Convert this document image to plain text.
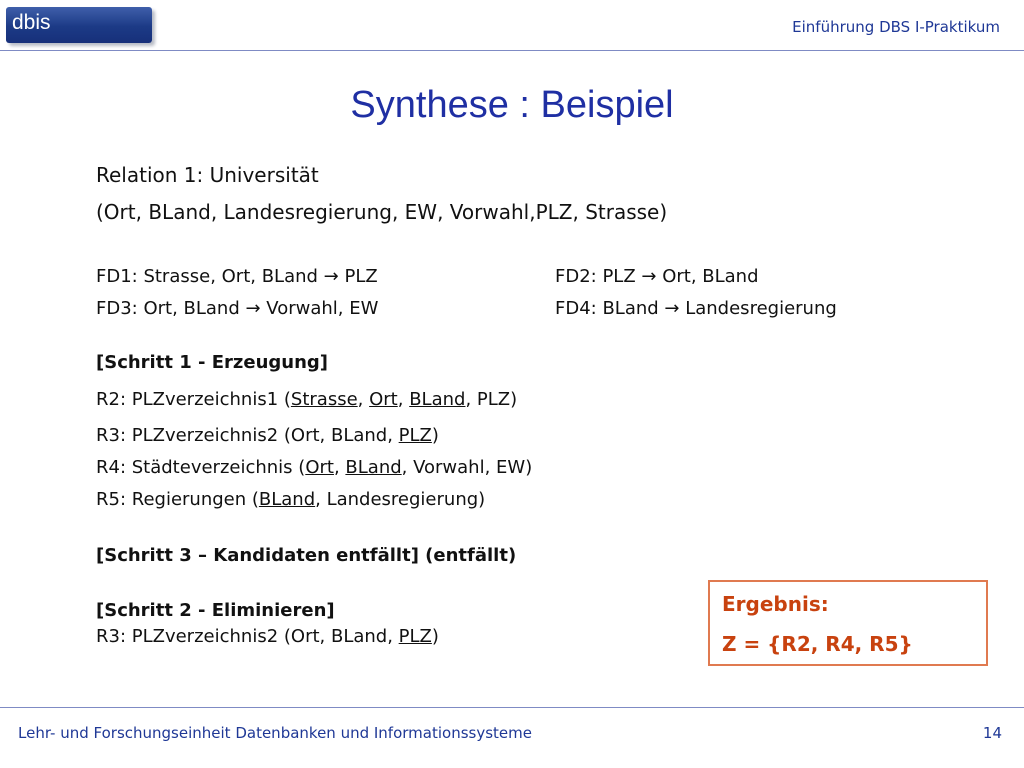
dbis	Einführung DBS I-Praktikum
Synthese : Beispiel
Relation 1: Universität
(Ort, BLand, Landesregierung, EW, Vorwahl,PLZ, Strasse)
FD1: Strasse, Ort, BLand → PLZ	FD2: PLZ → Ort, BLand
FD3: Ort, BLand → Vorwahl, EW	FD4: BLand → Landesregierung
[Schritt 1 - Erzeugung]
R2: PLZverzeichnis1 (Strasse, Ort, BLand, PLZ)
R3: PLZverzeichnis2 (Ort, BLand, PLZ)
R4: Städteverzeichnis (Ort, BLand, Vorwahl, EW)
R5: Regierungen (BLand, Landesregierung)
[Schritt 3 – Kandidaten entfällt] (entfällt)
[Schritt 2 - Eliminieren]
R3: PLZverzeichnis2 (Ort, BLand, PLZ)
Ergebnis:
Z = {R2, R4, R5}
Lehr- und Forschungseinheit Datenbanken und Informationssysteme	14
